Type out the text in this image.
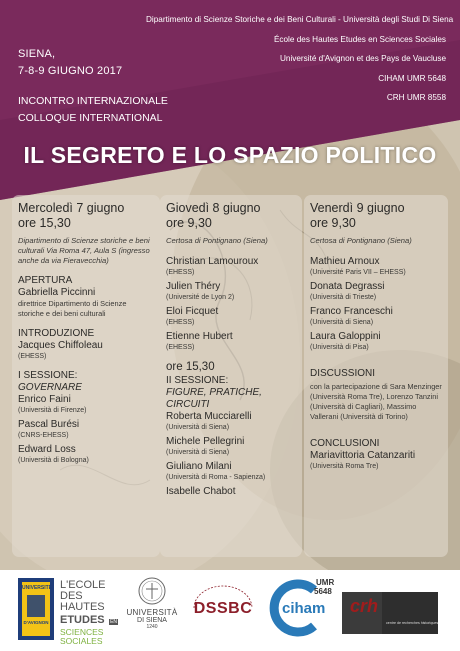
Dipartimento di Scienze Storiche e dei Beni Culturali - Università degli Studi Di Siena
École des Hautes Etudes en Sciences Sociales
Université d'Avignon et des Pays de Vaucluse
CIHAM UMR 5648
CRH UMR 8558
SIENA,
7-8-9 GIUGNO 2017
INCONTRO INTERNAZIONALE
COLLOQUE INTERNATIONAL
IL SEGRETO E LO SPAZIO POLITICO
Mercoledì 7 giugno
ore 15,30
Dipartimento di Scienze storiche e beni culturali Via Roma 47, Aula S (ingresso anche da via Fieravecchia)
APERTURA
Gabriella Piccinni
direttrice Dipartimento di Scienze storiche e dei beni culturali
INTRODUZIONE
Jacques Chiffoleau
(EHESS)
I SESSIONE:
GOVERNARE
Enrico Faini
(Università di Firenze)
Pascal Burési
(CNRS-EHESS)
Edward Loss
(Università di Bologna)
Giovedì 8 giugno
ore 9,30
Certosa di Pontignano (Siena)
Christian Lamouroux
(EHESS)
Julien Théry
(Université de Lyon 2)
Eloi Ficquet
(EHESS)
Etienne Hubert
(EHESS)
ore 15,30
II SESSIONE:
FIGURE, PRATICHE,
CIRCUITI
Roberta Mucciarelli
(Università di Siena)
Michele Pellegrini
(Università di Siena)
Giuliano Milani
(Università di Roma - Sapienza)
Isabelle Chabot
Venerdì 9 giugno
ore 9,30
Certosa di Pontignano (Siena)
Mathieu Arnoux
(Université Paris VII – EHESS)
Donata Degrassi
(Università di Trieste)
Franco Franceschi
(Università di Siena)
Laura Galoppini
(Università di Pisa)
DISCUSSIONI
con la partecipazione di Sara Menzinger (Università Roma Tre), Lorenzo Tanzini (Università di Cagliari), Massimo Vallerani (Università di Torino)
CONCLUSIONI
Mariavittoria Catanzariti
(Università Roma Tre)
UNIVERSITÉ
D'AVIGNON
L'ECOLE
DES HAUTES
ETUDES EN
SCIENCES
SOCIALES
UNIVERSITÀ
DI SIENA
1240
DSSBC	ciham
UMR
5648
crh
centre de recherches historiques
